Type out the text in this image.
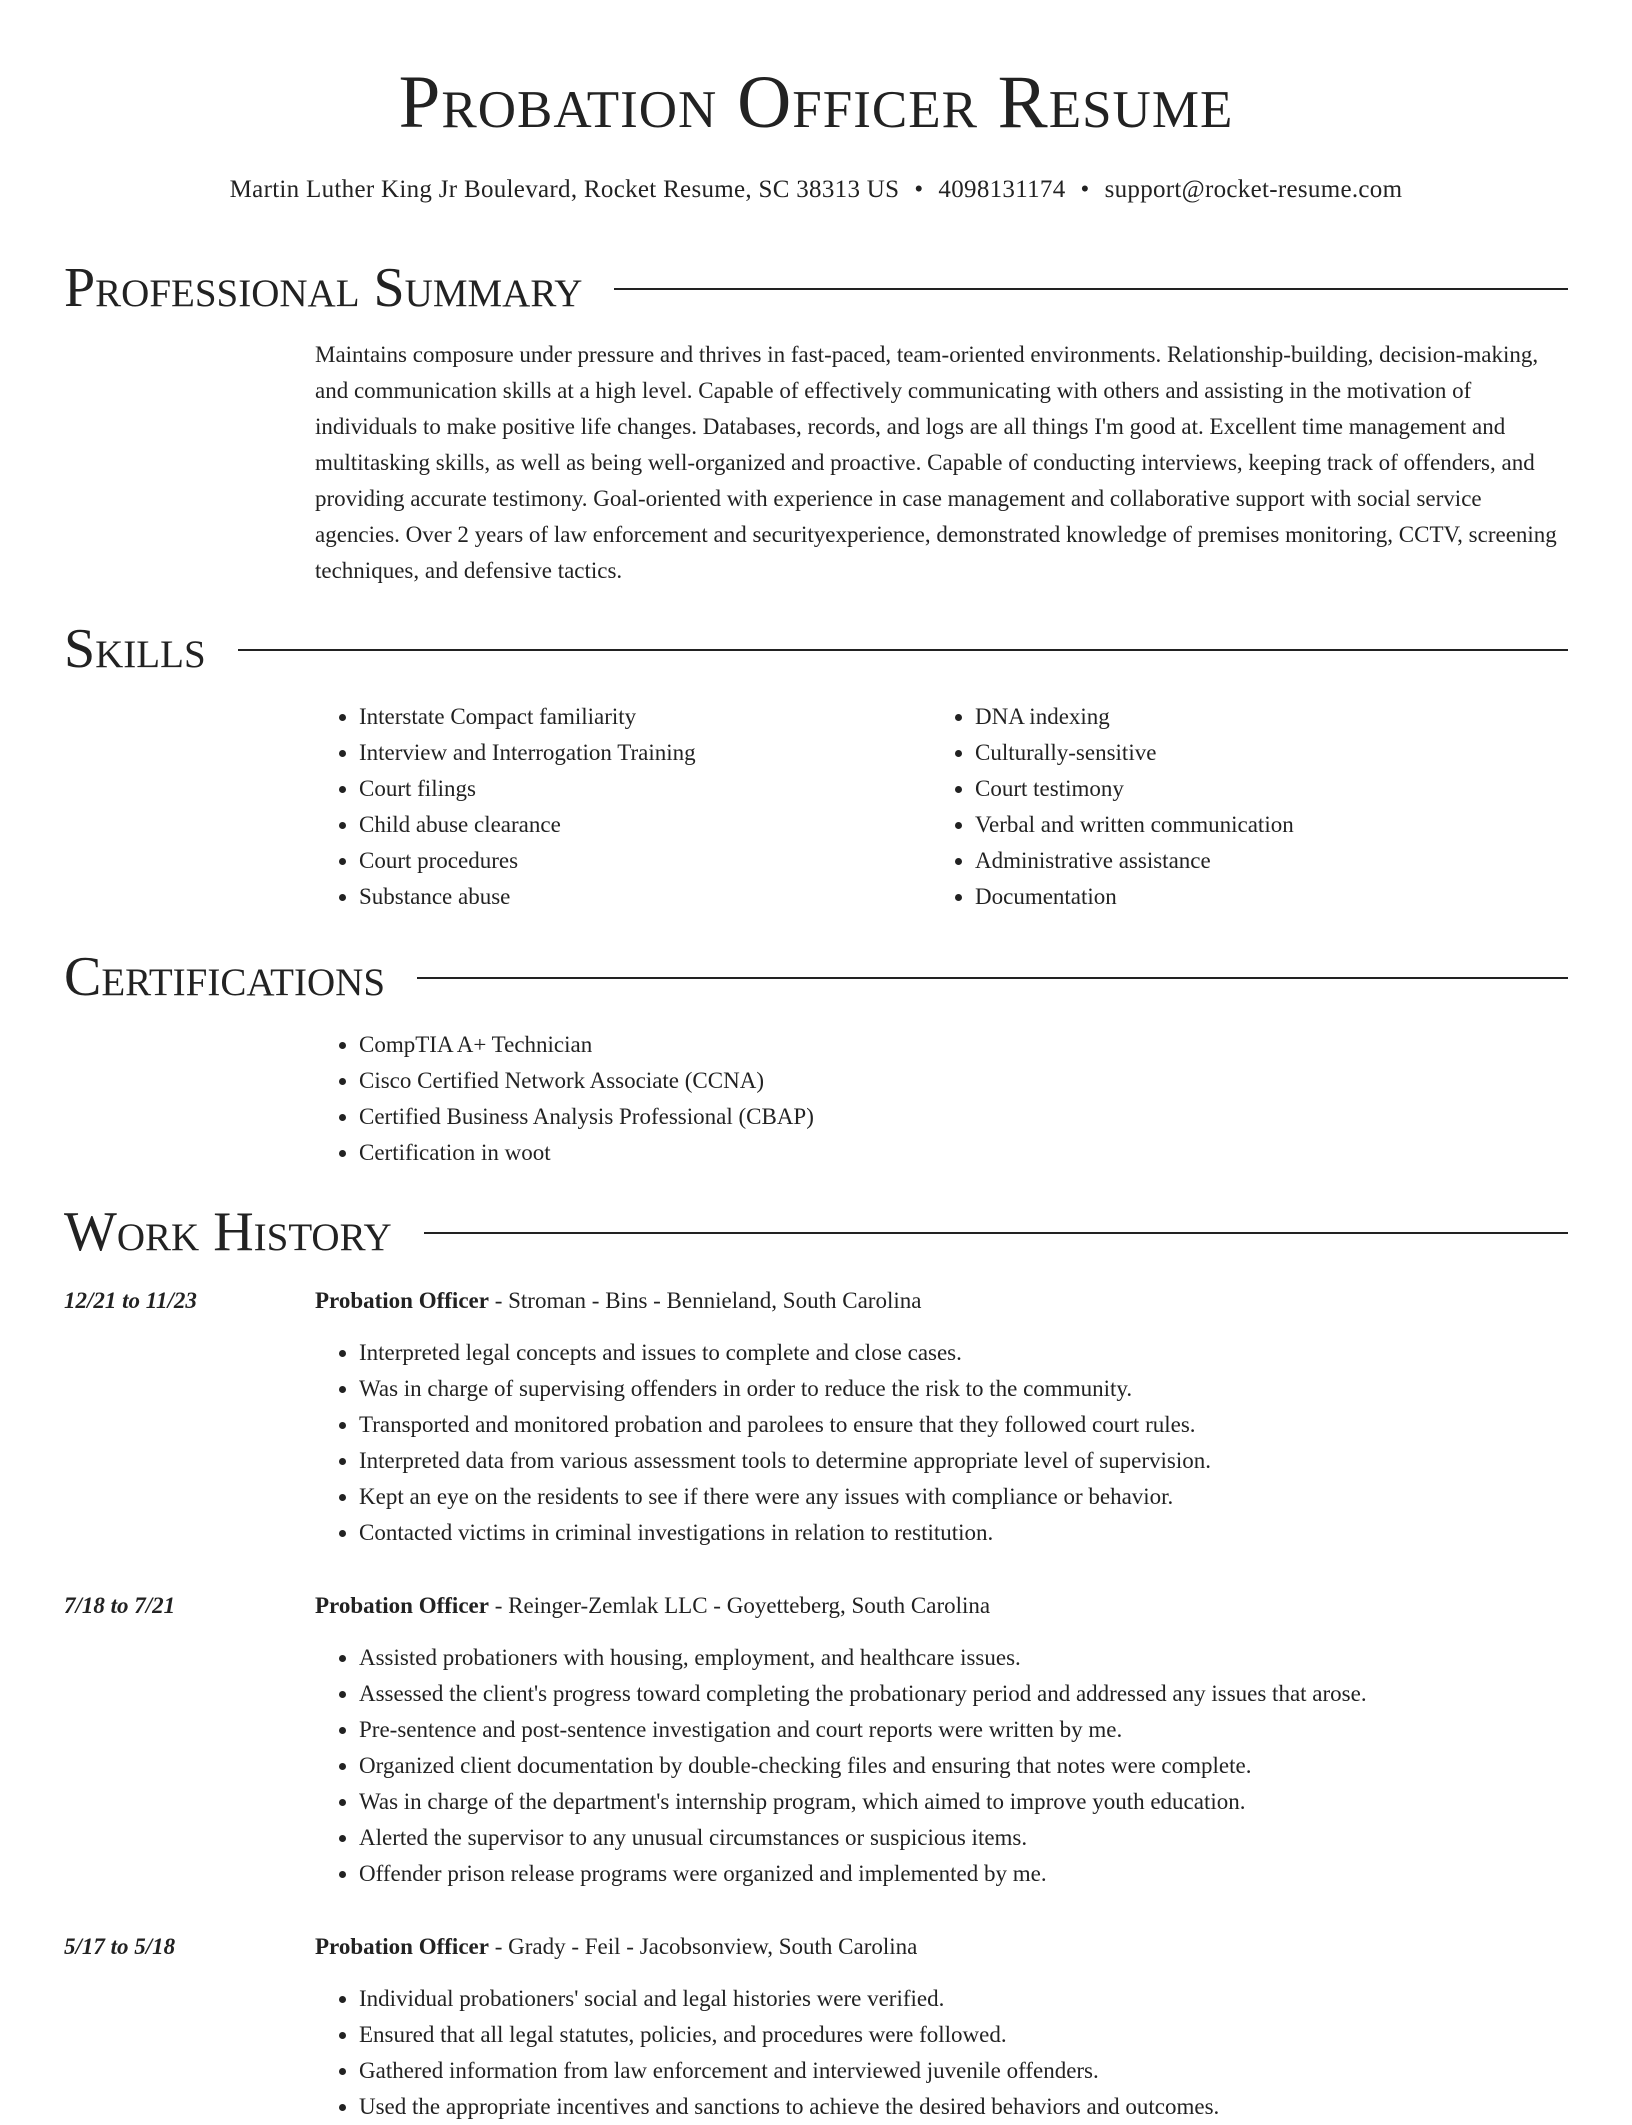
Probation Officer Resume
Martin Luther King Jr Boulevard, Rocket Resume, SC 38313 US • 4098131174 • support@rocket-resume.com
Professional Summary

Maintains composure under pressure and thrives in fast-paced, team-oriented environments. Relationship-building, decision-making, and communication skills at a high level. Capable of effectively communicating with others and assisting in the motivation of individuals to make positive life changes. Databases, records, and logs are all things I'm good at. Excellent time management and multitasking skills, as well as being well-organized and proactive. Capable of conducting interviews, keeping track of offenders, and providing accurate testimony. Goal-oriented with experience in case management and collaborative support with social service agencies. Over 2 years of law enforcement and securityexperience, demonstrated knowledge of premises monitoring, CCTV, screening techniques, and defensive tactics.

Skills
• Interstate Compact familiarity
• Interview and Interrogation Training
• Court filings
• Child abuse clearance
• Court procedures
• Substance abuse
• DNA indexing
• Culturally-sensitive
• Court testimony
• Verbal and written communication
• Administrative assistance
• Documentation
Certifications
• CompTIA A+ Technician
• Cisco Certified Network Associate (CCNA)
• Certified Business Analysis Professional (CBAP)
• Certification in woot
Work History
12/21 to 11/23	Probation Officer - Stroman - Bins - Bennieland, South Carolina
• Interpreted legal concepts and issues to complete and close cases.
• Was in charge of supervising offenders in order to reduce the risk to the community.
• Transported and monitored probation and parolees to ensure that they followed court rules.
• Interpreted data from various assessment tools to determine appropriate level of supervision.
• Kept an eye on the residents to see if there were any issues with compliance or behavior.
• Contacted victims in criminal investigations in relation to restitution.
7/18 to 7/21	Probation Officer - Reinger-Zemlak LLC - Goyetteberg, South Carolina
• Assisted probationers with housing, employment, and healthcare issues.
• Assessed the client's progress toward completing the probationary period and addressed any issues that arose.
• Pre-sentence and post-sentence investigation and court reports were written by me.
• Organized client documentation by double-checking files and ensuring that notes were complete.
• Was in charge of the department's internship program, which aimed to improve youth education.
• Alerted the supervisor to any unusual circumstances or suspicious items.
• Offender prison release programs were organized and implemented by me.
5/17 to 5/18	Probation Officer - Grady - Feil - Jacobsonview, South Carolina
• Individual probationers' social and legal histories were verified.
• Ensured that all legal statutes, policies, and procedures were followed.
• Gathered information from law enforcement and interviewed juvenile offenders.
• Used the appropriate incentives and sanctions to achieve the desired behaviors and outcomes.
